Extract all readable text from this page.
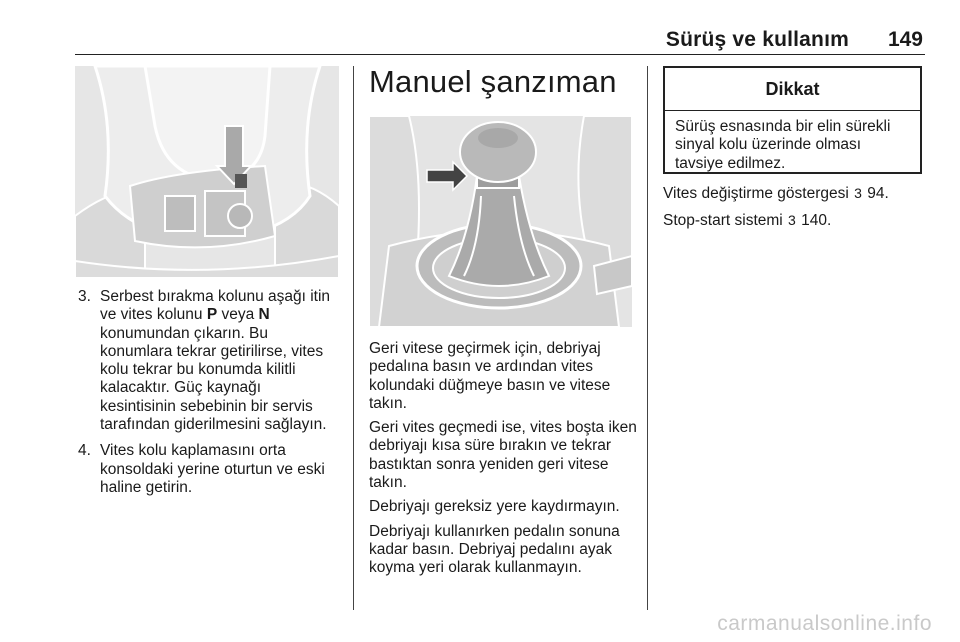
Sürüş ve kullanım 149
3. Serbest bırakma kolunu aşağı itin ve vites kolunu P veya N konumundan çıkarın. Bu konumlara tekrar getirilirse, vites kolu tekrar bu konumda kilitli kalacaktır. Güç kaynağı kesintisinin sebebinin bir servis tarafından giderilmesini sağlayın.
4. Vites kolu kaplamasını orta konsoldaki yerine oturtun ve eski haline getirin.
Manuel şanzıman

Geri vitese geçirmek için, debriyaj pedalına basın ve ardından vites kolundaki düğmeye basın ve vitese takın.

Geri vites geçmedi ise, vites boşta iken debriyajı kısa süre bırakın ve tekrar bastıktan sonra yeniden geri vitese takın.

Debriyajı gereksiz yere kaydırmayın.

Debriyajı kullanırken pedalın sonuna kadar basın. Debriyaj pedalını ayak koyma yeri olarak kullanmayın.

Dikkat
Sürüş esnasında bir elin sürekli sinyal kolu üzerinde olması tavsiye edilmez.

Vites değiştirme göstergesi 3 94.

Stop-start sistemi 3 140.

carmanualsonline.info
